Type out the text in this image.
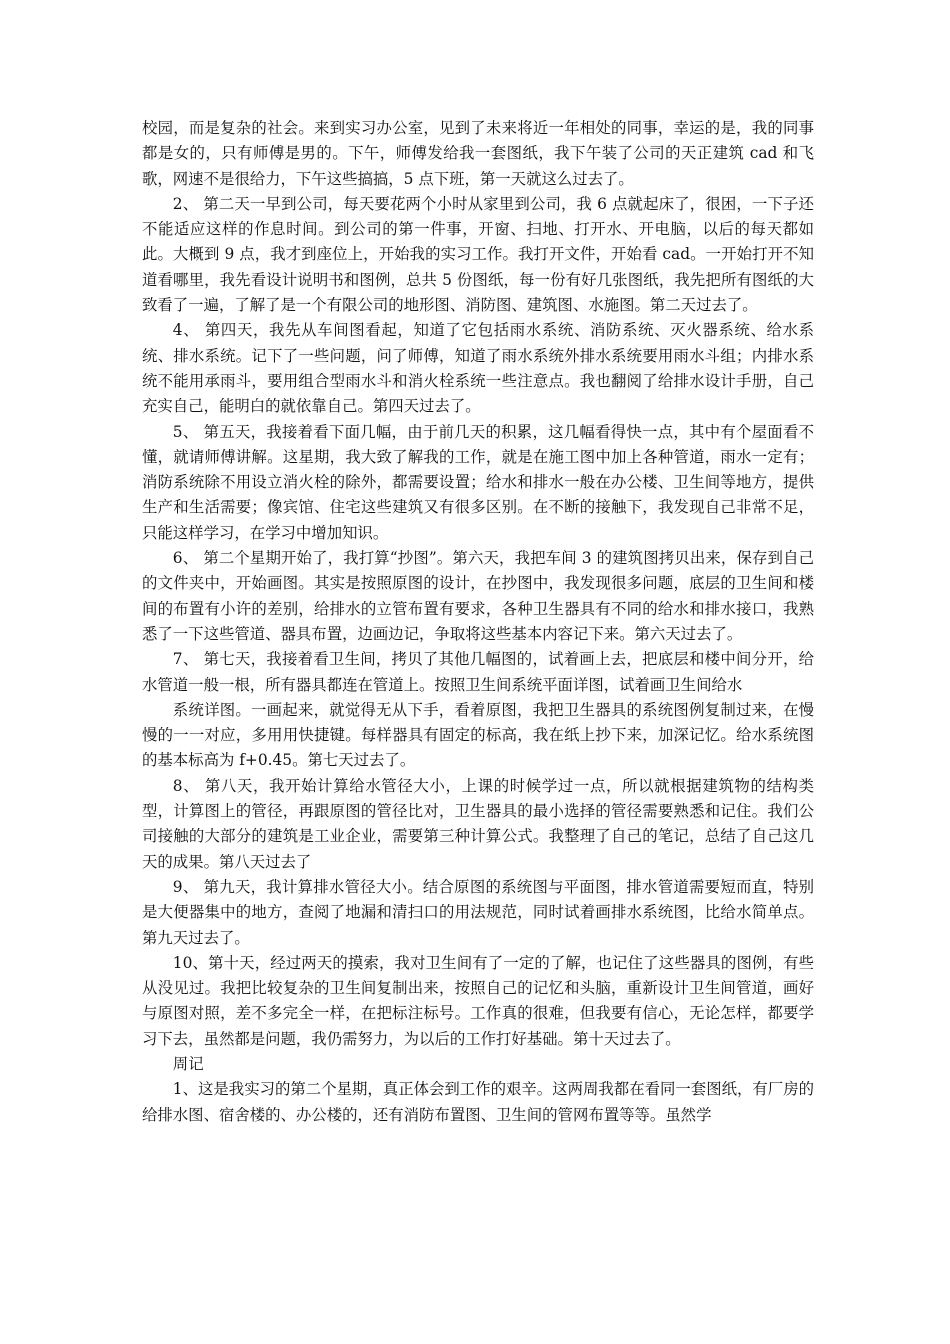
校园，而是复杂的社会。来到实习办公室，见到了未来将近一年相处的同事，幸运的是，我的同事都是女的，只有师傅是男的。下午，师傅发给我一套图纸，我下午装了公司的天正建筑 cad 和飞歌，网速不是很给力，下午这些搞搞，5 点下班，第一天就这么过去了。

2、 第二天一早到公司，每天要花两个小时从家里到公司，我 6 点就起床了，很困，一下子还不能适应这样的作息时间。到公司的第一件事，开窗、扫地、打开水、开电脑，以后的每天都如此。大概到 9 点，我才到座位上，开始我的实习工作。我打开文件，开始看 cad。一开始打开不知道看哪里，我先看设计说明书和图例，总共 5 份图纸，每一份有好几张图纸，我先把所有图纸的大致看了一遍，了解了是一个有限公司的地形图、消防图、建筑图、水施图。第二天过去了。

4、 第四天，我先从车间图看起，知道了它包括雨水系统、消防系统、灭火器系统、给水系统、排水系统。记下了一些问题，问了师傅，知道了雨水系统外排水系统要用雨水斗组；内排水系统不能用承雨斗，要用组合型雨水斗和消火栓系统一些注意点。我也翻阅了给排水设计手册，自己充实自己，能明白的就依靠自己。第四天过去了。

5、 第五天，我接着看下面几幅，由于前几天的积累，这几幅看得快一点，其中有个屋面看不懂，就请师傅讲解。这星期，我大致了解我的工作，就是在施工图中加上各种管道，雨水一定有；消防系统除不用设立消火栓的除外，都需要设置；给水和排水一般在办公楼、卫生间等地方，提供生产和生活需要；像宾馆、住宅这些建筑又有很多区别。在不断的接触下，我发现自己非常不足，只能这样学习，在学习中增加知识。

6、 第二个星期开始了，我打算“抄图”。第六天，我把车间 3 的建筑图拷贝出来，保存到自己的文件夹中，开始画图。其实是按照原图的设计，在抄图中，我发现很多问题，底层的卫生间和楼间的布置有小许的差别，给排水的立管布置有要求，各种卫生器具有不同的给水和排水接口，我熟悉了一下这些管道、器具布置，边画边记，争取将这些基本内容记下来。第六天过去了。

7、 第七天，我接着看卫生间，拷贝了其他几幅图的，试着画上去，把底层和楼中间分开，给水管道一般一根，所有器具都连在管道上。按照卫生间系统平面详图，试着画卫生间给水

系统详图。一画起来，就觉得无从下手，看着原图，我把卫生器具的系统图例复制过来，在慢慢的一一对应，多用用快捷键。每样器具有固定的标高，我在纸上抄下来，加深记忆。给水系统图的基本标高为 f+0.45。第七天过去了。

8、 第八天，我开始计算给水管径大小，上课的时候学过一点，所以就根据建筑物的结构类型，计算图上的管径，再跟原图的管径比对，卫生器具的最小选择的管径需要熟悉和记住。我们公司接触的大部分的建筑是工业企业，需要第三种计算公式。我整理了自己的笔记，总结了自己这几天的成果。第八天过去了

9、 第九天，我计算排水管径大小。结合原图的系统图与平面图，排水管道需要短而直，特别是大便器集中的地方，查阅了地漏和清扫口的用法规范，同时试着画排水系统图，比给水简单点。第九天过去了。

10、第十天，经过两天的摸索，我对卫生间有了一定的了解，也记住了这些器具的图例，有些从没见过。我把比较复杂的卫生间复制出来，按照自己的记忆和头脑，重新设计卫生间管道，画好与原图对照，差不多完全一样，在把标注标号。工作真的很难，但我要有信心，无论怎样，都要学习下去，虽然都是问题，我仍需努力，为以后的工作打好基础。第十天过去了。

周记

1、这是我实习的第二个星期，真正体会到工作的艰辛。这两周我都在看同一套图纸，有厂房的给排水图、宿舍楼的、办公楼的，还有消防布置图、卫生间的管网布置等等。虽然学
